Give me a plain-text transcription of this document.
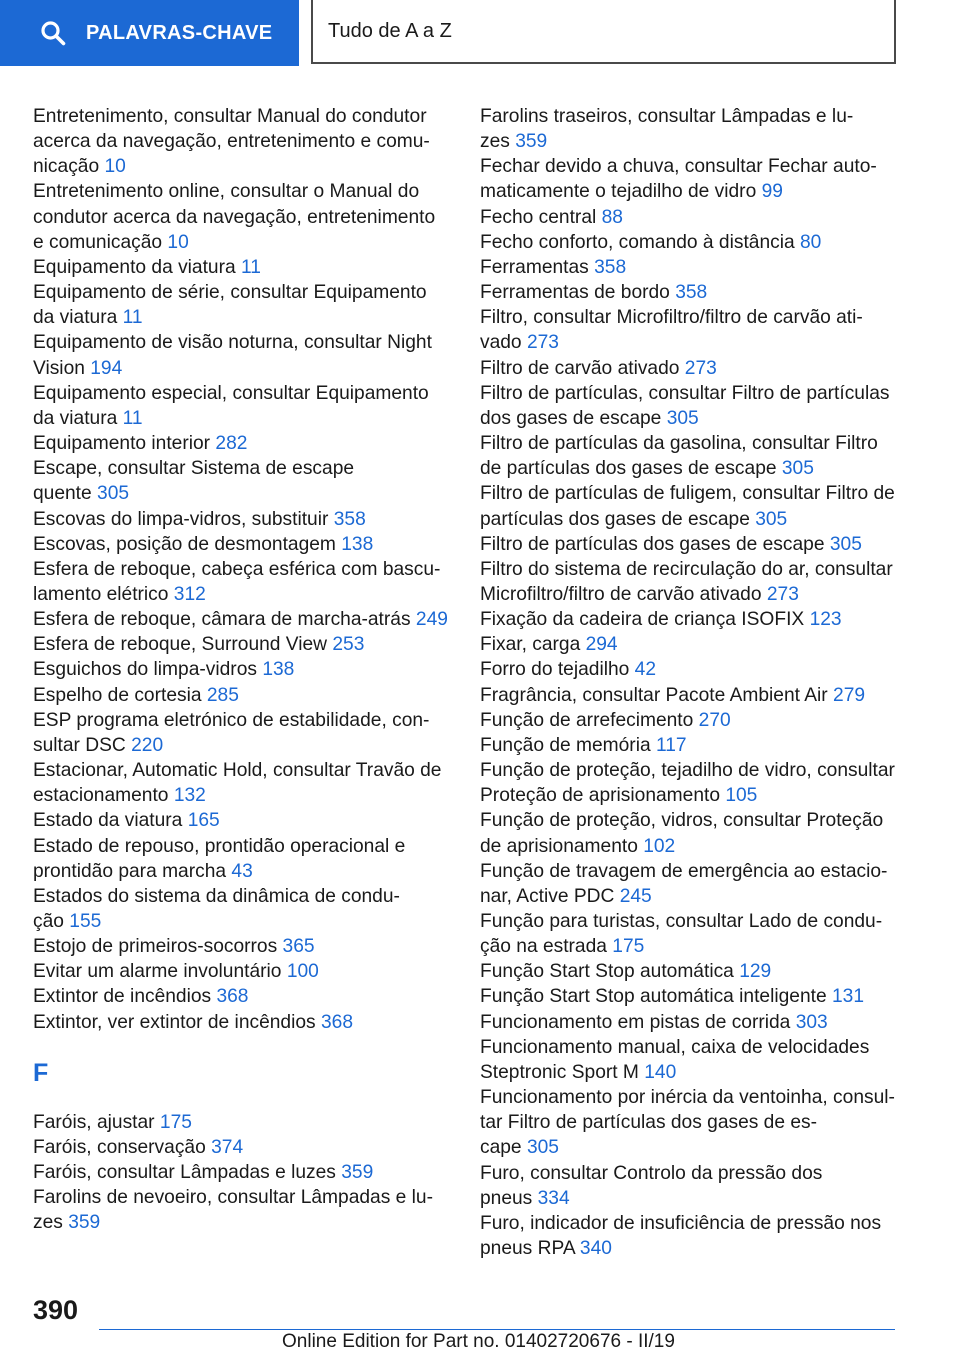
PALAVRAS-CHAVE	Tudo de A a Z
Entretenimento, consultar Manual do condutor
acerca da navegação, entretenimento e comu-
nicação 10
Entretenimento online, consultar o Manual do
condutor acerca da navegação, entretenimento
e comunicação 10
Equipamento da viatura 11
Equipamento de série, consultar Equipamento
da viatura 11
Equipamento de visão noturna, consultar Night
Vision 194
Equipamento especial, consultar Equipamento
da viatura 11
Equipamento interior 282
Escape, consultar Sistema de escape
quente 305
Escovas do limpa-vidros, substituir 358
Escovas, posição de desmontagem 138
Esfera de reboque, cabeça esférica com bascu-
lamento elétrico 312
Esfera de reboque, câmara de marcha-atrás 249
Esfera de reboque, Surround View 253
Esguichos do limpa-vidros 138
Espelho de cortesia 285
ESP programa eletrónico de estabilidade, con-
sultar DSC 220
Estacionar, Automatic Hold, consultar Travão de
estacionamento 132
Estado da viatura 165
Estado de repouso, prontidão operacional e
prontidão para marcha 43
Estados do sistema da dinâmica de condu-
ção 155
Estojo de primeiros-socorros 365
Evitar um alarme involuntário 100
Extintor de incêndios 368
Extintor, ver extintor de incêndios 368
F
Faróis, ajustar 175
Faróis, conservação 374
Faróis, consultar Lâmpadas e luzes 359
Farolins de nevoeiro, consultar Lâmpadas e lu-
zes 359
Farolins traseiros, consultar Lâmpadas e lu-
zes 359
Fechar devido a chuva, consultar Fechar auto-
maticamente o tejadilho de vidro 99
Fecho central 88
Fecho conforto, comando à distância 80
Ferramentas 358
Ferramentas de bordo 358
Filtro, consultar Microfiltro/filtro de carvão ati-
vado 273
Filtro de carvão ativado 273
Filtro de partículas, consultar Filtro de partículas
dos gases de escape 305
Filtro de partículas da gasolina, consultar Filtro
de partículas dos gases de escape 305
Filtro de partículas de fuligem, consultar Filtro de
partículas dos gases de escape 305
Filtro de partículas dos gases de escape 305
Filtro do sistema de recirculação do ar, consultar
Microfiltro/filtro de carvão ativado 273
Fixação da cadeira de criança ISOFIX 123
Fixar, carga 294
Forro do tejadilho 42
Fragrância, consultar Pacote Ambient Air 279
Função de arrefecimento 270
Função de memória 117
Função de proteção, tejadilho de vidro, consultar
Proteção de aprisionamento 105
Função de proteção, vidros, consultar Proteção
de aprisionamento 102
Função de travagem de emergência ao estacio-
nar, Active PDC 245
Função para turistas, consultar Lado de condu-
ção na estrada 175
Função Start Stop automática 129
Função Start Stop automática inteligente 131
Funcionamento em pistas de corrida 303
Funcionamento manual, caixa de velocidades
Steptronic Sport M 140
Funcionamento por inércia da ventoinha, consul-
tar Filtro de partículas dos gases de es-
cape 305
Furo, consultar Controlo da pressão dos
pneus 334
Furo, indicador de insuficiência de pressão nos
pneus RPA 340
390
Online Edition for Part no. 01402720676 - II/19
